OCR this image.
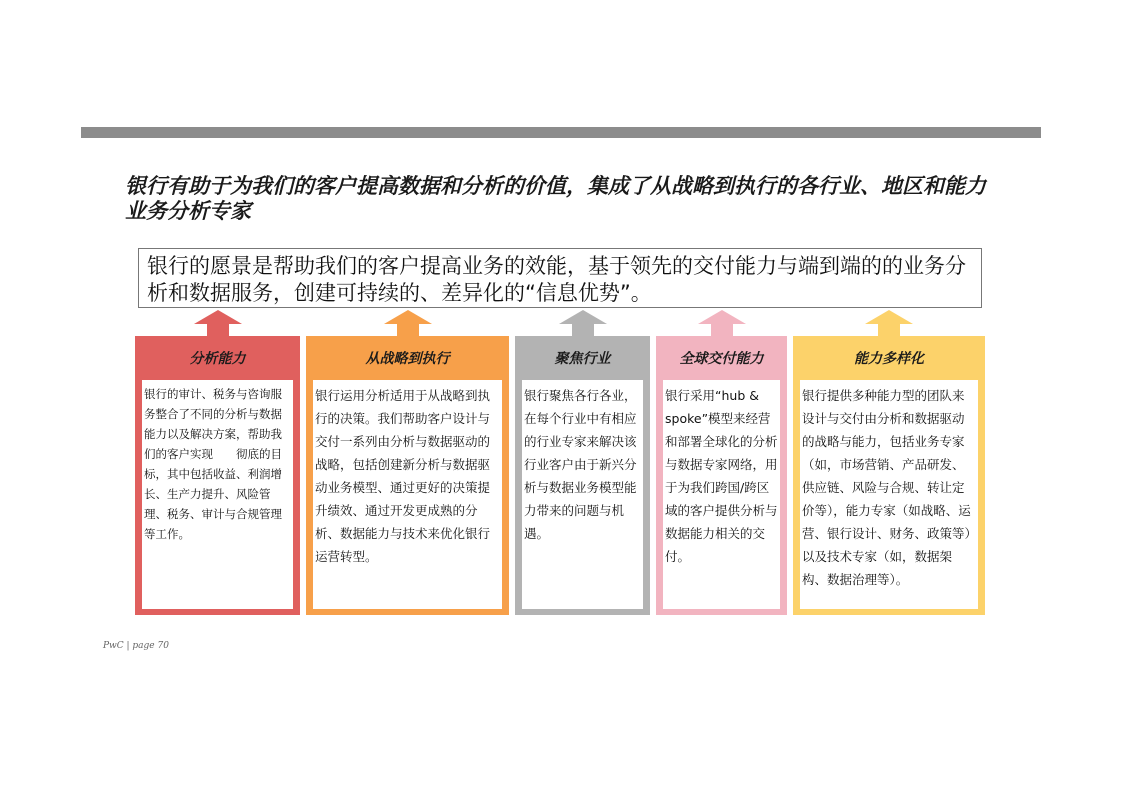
银行有助于为我们的客户提高数据和分析的价值，集成了从战略到执行的各行业、地区和能力业务分析专家
银行的愿景是帮助我们的客户提高业务的效能，基于领先的交付能力与端到端的的业务分析和数据服务，创建可持续的、差异化的“信息优势”。
分析能力
银行的审计、税务与咨询服务整合了不同的分析与数据能力以及解决方案，帮助我们的客户实现　　彻底的目标，其中包括收益、利润增长、生产力提升、风险管理、税务、审计与合规管理等工作。
从战略到执行
银行运用分析适用于从战略到执行的决策。我们帮助客户设计与交付一系列由分析与数据驱动的战略，包括创建新分析与数据驱动业务模型、通过更好的决策提升绩效、通过开发更成熟的分析、数据能力与技术来优化银行运营转型。
聚焦行业
银行聚焦各行各业，在每个行业中有相应的行业专家来解决该行业客户由于新兴分析与数据业务模型能力带来的问题与机遇。
全球交付能力
银行采用“hub & spoke”模型来经营和部署全球化的分析与数据专家网络，用于为我们跨国/跨区域的客户提供分析与数据能力相关的交付。
能力多样化
银行提供多种能力型的团队来设计与交付由分析和数据驱动的战略与能力，包括业务专家（如，市场营销、产品研发、供应链、风险与合规、转让定价等），能力专家（如战略、运营、银行设计、财务、政策等）以及技术专家（如，数据架构、数据治理等）。
PwC | page 70
